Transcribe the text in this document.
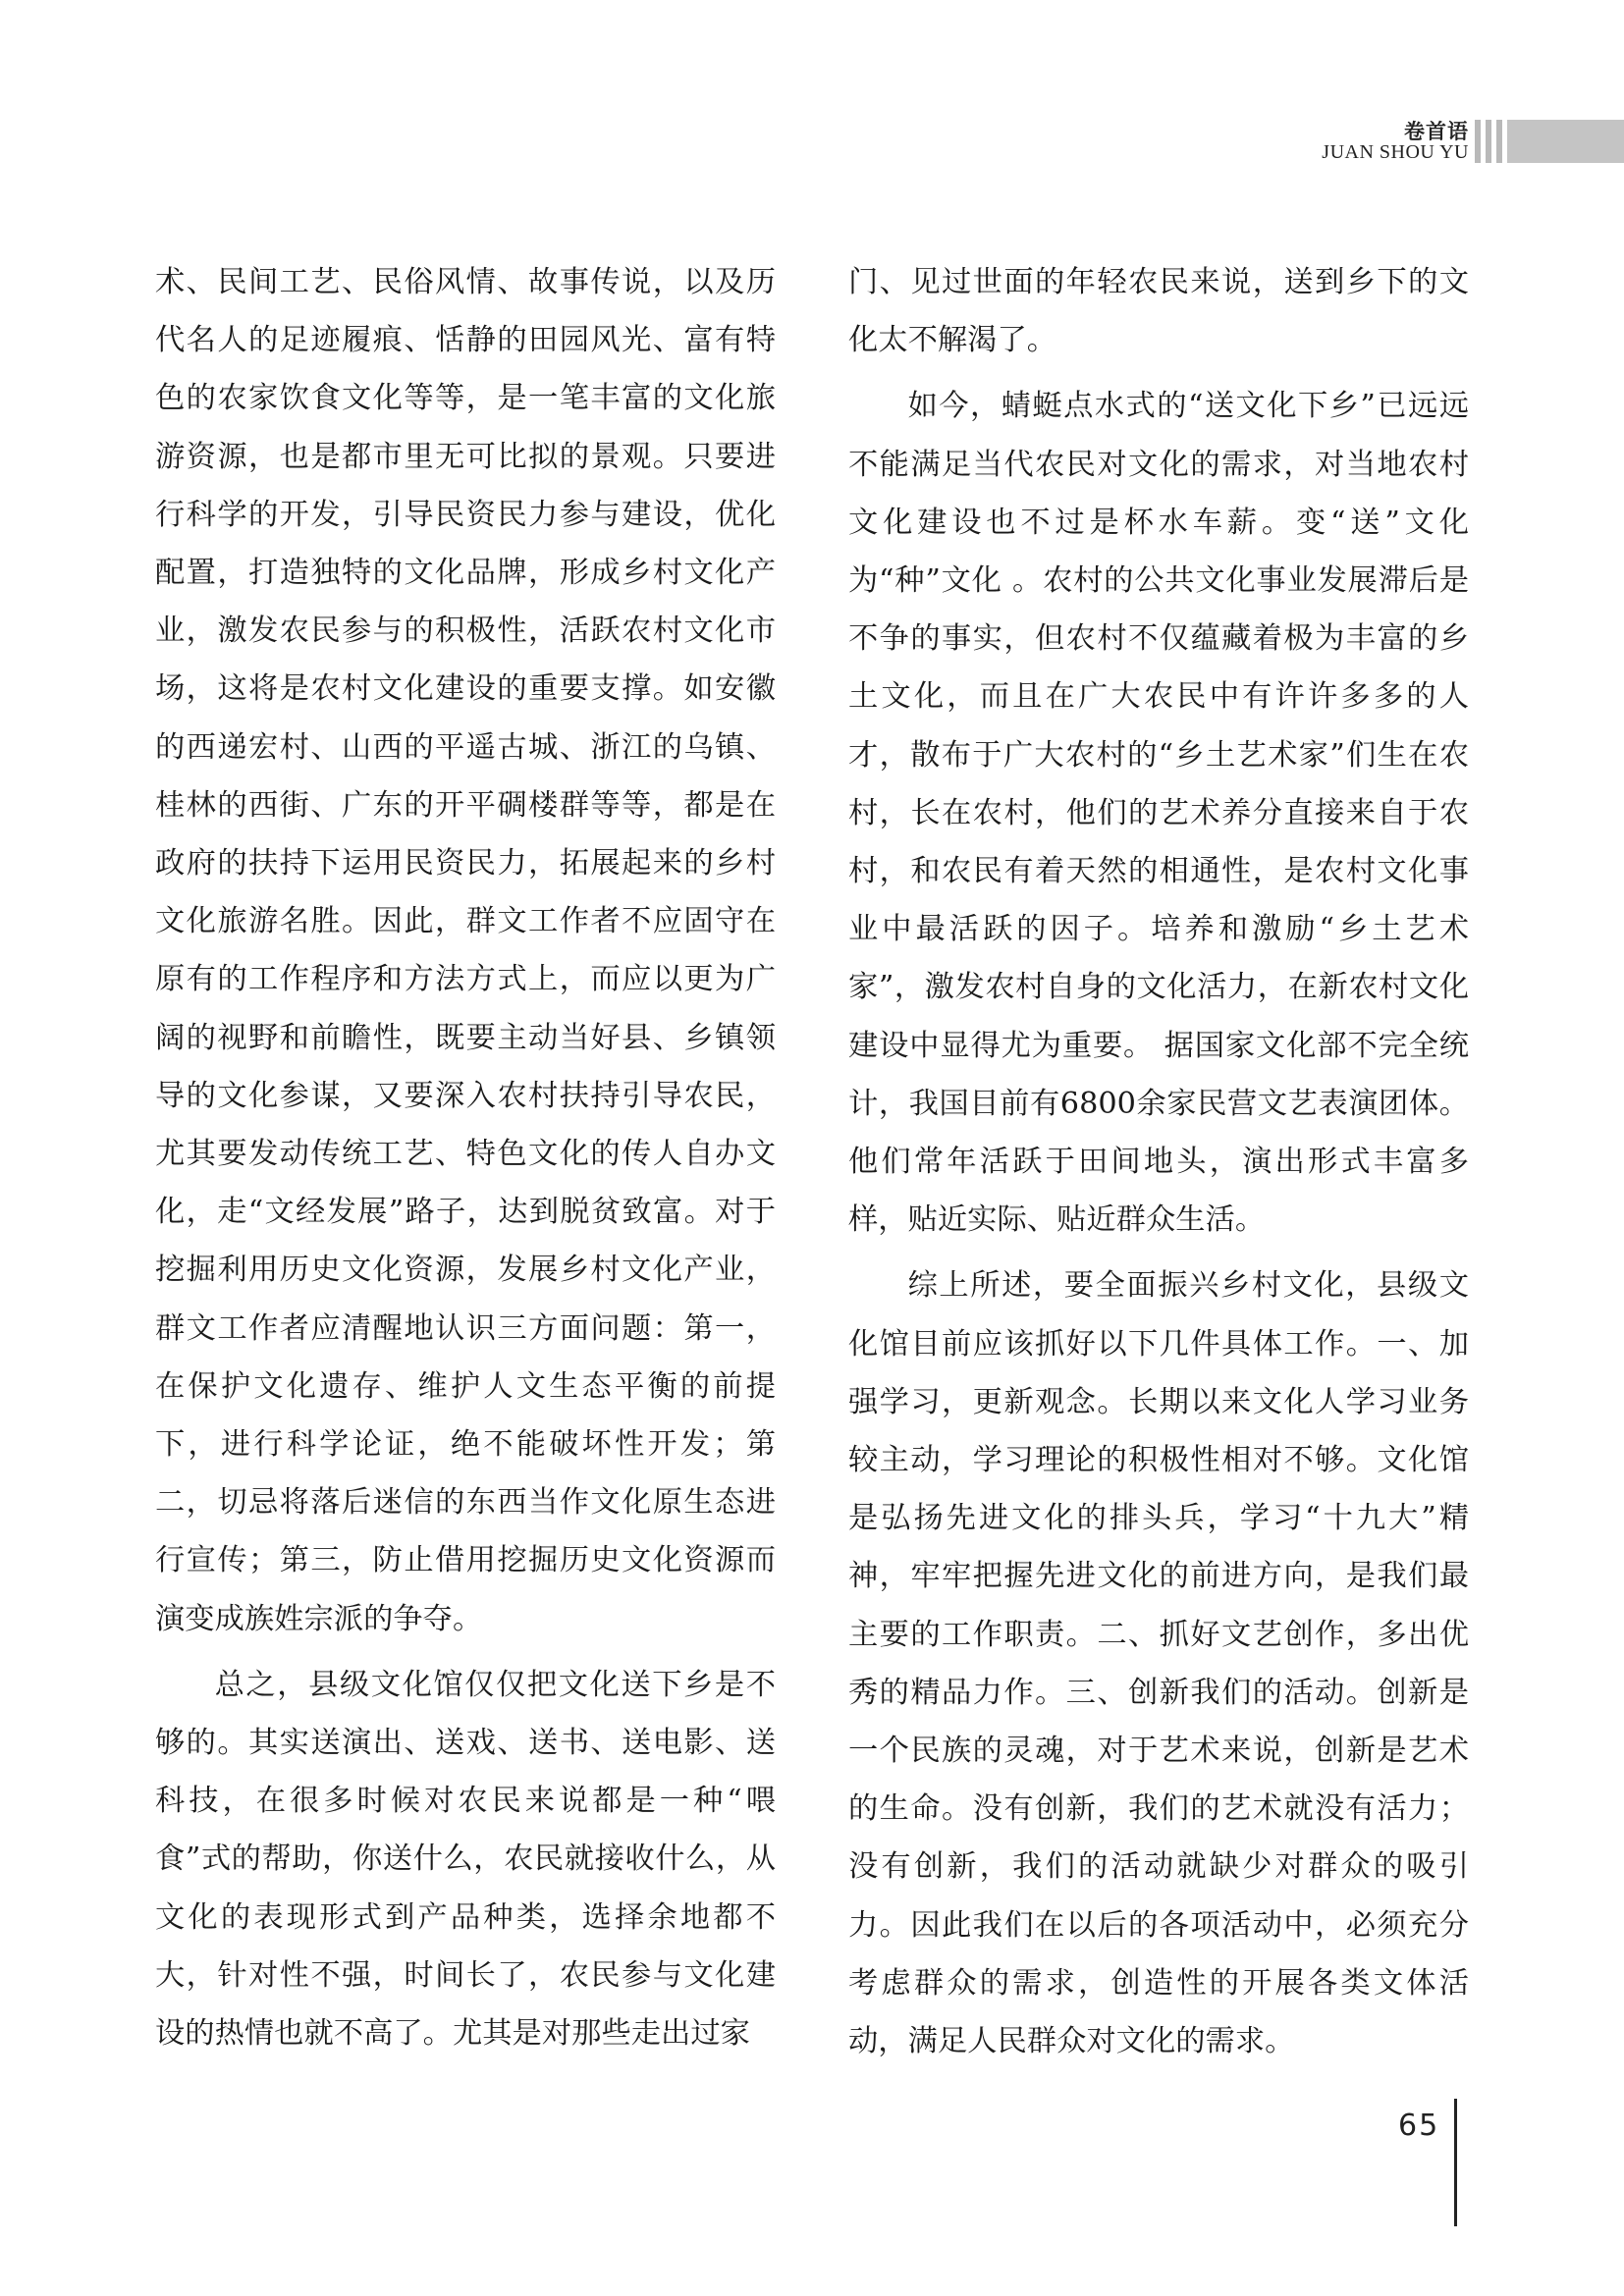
卷首语
JUAN SHOU YU

术、民间工艺、民俗风情、故事传说，以及历代名人的足迹履痕、恬静的田园风光、富有特色的农家饮食文化等等，是一笔丰富的文化旅游资源，也是都市里无可比拟的景观。只要进行科学的开发，引导民资民力参与建设，优化配置，打造独特的文化品牌，形成乡村文化产业，激发农民参与的积极性，活跃农村文化市场，这将是农村文化建设的重要支撑。如安徽的西递宏村、山西的平遥古城、浙江的乌镇、桂林的西街、广东的开平碉楼群等等，都是在政府的扶持下运用民资民力，拓展起来的乡村文化旅游名胜。因此，群文工作者不应固守在原有的工作程序和方法方式上，而应以更为广阔的视野和前瞻性，既要主动当好县、乡镇领导的文化参谋，又要深入农村扶持引导农民，尤其要发动传统工艺、特色文化的传人自办文化，走“文经发展”路子，达到脱贫致富。对于挖掘利用历史文化资源，发展乡村文化产业，群文工作者应清醒地认识三方面问题：第一，在保护文化遗存、维护人文生态平衡的前提下，进行科学论证，绝不能破坏性开发；第二，切忌将落后迷信的东西当作文化原生态进行宣传；第三，防止借用挖掘历史文化资源而演变成族姓宗派的争夺。

总之，县级文化馆仅仅把文化送下乡是不够的。其实送演出、送戏、送书、送电影、送科技，在很多时候对农民来说都是一种“喂食”式的帮助，你送什么，农民就接收什么，从文化的表现形式到产品种类，选择余地都不大，针对性不强，时间长了，农民参与文化建设的热情也就不高了。尤其是对那些走出过家

门、见过世面的年轻农民来说，送到乡下的文化太不解渴了。

如今，蜻蜓点水式的“送文化下乡”已远远不能满足当代农民对文化的需求，对当地农村文化建设也不过是杯水车薪。变“送”文化为“种”文化 。农村的公共文化事业发展滞后是不争的事实，但农村不仅蕴藏着极为丰富的乡土文化，而且在广大农民中有许许多多的人才，散布于广大农村的“乡土艺术家”们生在农村，长在农村，他们的艺术养分直接来自于农村，和农民有着天然的相通性，是农村文化事业中最活跃的因子。培养和激励“乡土艺术家”，激发农村自身的文化活力，在新农村文化建设中显得尤为重要。 据国家文化部不完全统计，我国目前有6800余家民营文艺表演团体。他们常年活跃于田间地头，演出形式丰富多样，贴近实际、贴近群众生活。

综上所述，要全面振兴乡村文化，县级文化馆目前应该抓好以下几件具体工作。一、加强学习，更新观念。长期以来文化人学习业务较主动，学习理论的积极性相对不够。文化馆是弘扬先进文化的排头兵，学习“十九大”精神，牢牢把握先进文化的前进方向，是我们最主要的工作职责。二、抓好文艺创作，多出优秀的精品力作。三、创新我们的活动。创新是一个民族的灵魂，对于艺术来说，创新是艺术的生命。没有创新，我们的艺术就没有活力；没有创新，我们的活动就缺少对群众的吸引力。因此我们在以后的各项活动中，必须充分考虑群众的需求，创造性的开展各类文体活动，满足人民群众对文化的需求。

65
